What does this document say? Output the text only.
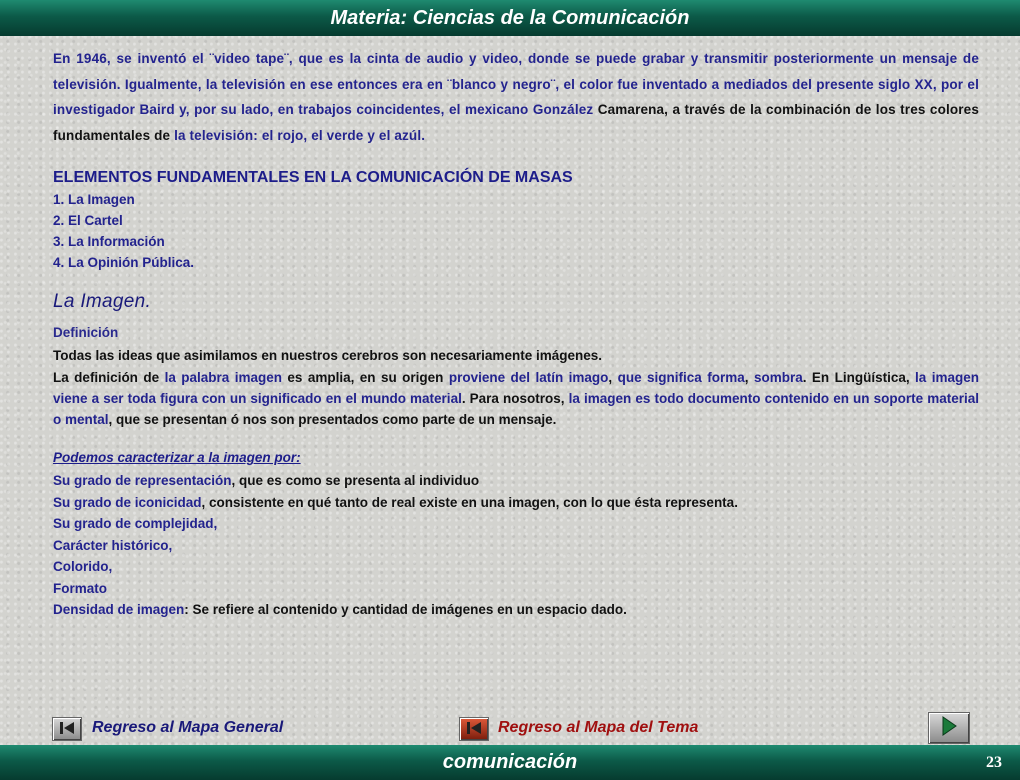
Materia: Ciencias de la Comunicación

En 1946, se inventó el ¨video tape¨, que es la cinta de audio y video, donde se puede grabar y transmitir posteriormente un mensaje de televisión. Igualmente, la televisión en ese entonces era en ¨blanco y negro¨, el color fue inventado a mediados del presente siglo XX, por el investigador Baird y, por su lado, en trabajos coincidentes, el mexicano González Camarena, a través de la combinación de los tres colores fundamentales de la televisión: el rojo, el verde y el azúl.

ELEMENTOS FUNDAMENTALES EN LA COMUNICACIÓN DE MASAS
1. La Imagen
2. El Cartel
3. La Información
4. La Opinión Pública.
La Imagen.
Definición
Todas las ideas que asimilamos en nuestros cerebros son necesariamente imágenes.

La definición de la palabra imagen es amplia, en su origen proviene del latín imago, que significa forma, sombra. En Lingüística, la imagen viene a ser toda figura con un significado en el mundo material. Para nosotros, la imagen es todo documento contenido en un soporte material o mental, que se presentan ó nos son presentados como parte de un mensaje.

Podemos caracterizar a la imagen por:
Su grado de representación, que es como se presenta al individuo
Su grado de iconicidad, consistente en qué tanto de real existe en una imagen, con lo que ésta representa.
Su grado de complejidad,
Carácter histórico,
Colorido,
Formato
Densidad de imagen: Se refiere al contenido y cantidad de imágenes en un espacio dado.
Regreso al Mapa General	Regreso al Mapa del Tema
comunicación	23
